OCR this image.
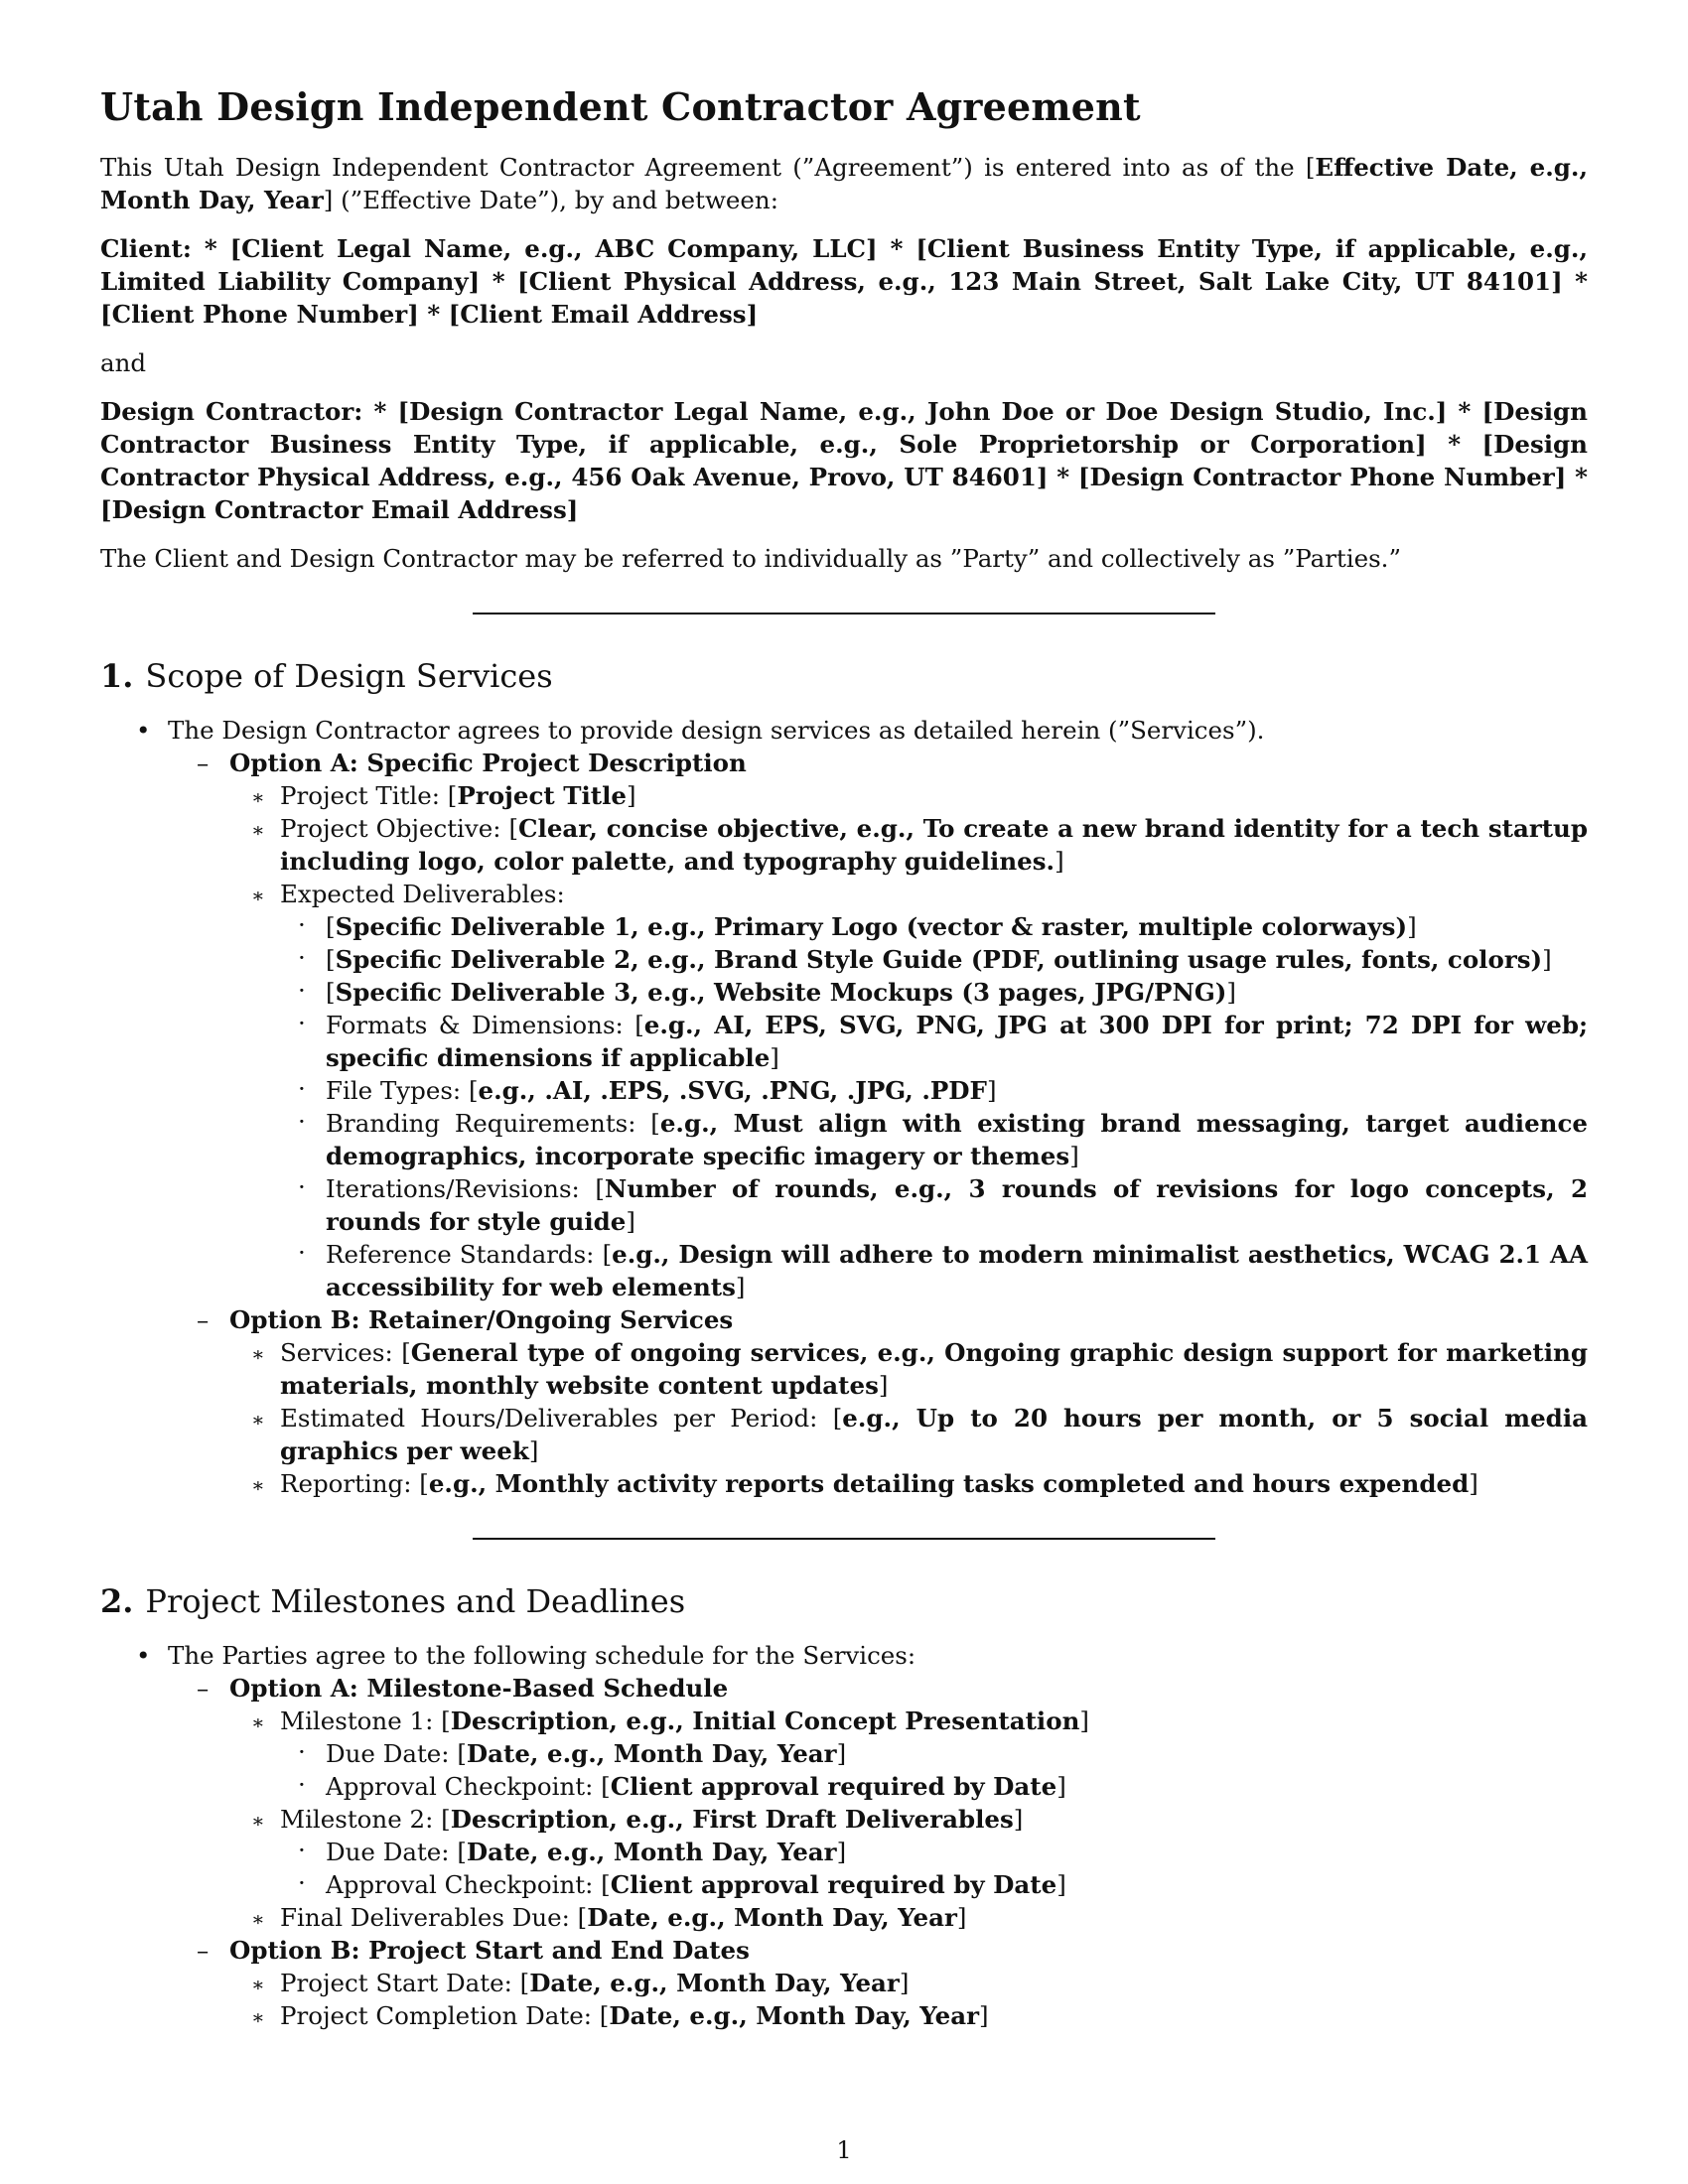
Utah Design Independent Contractor Agreement

This Utah Design Independent Contractor Agreement (”Agreement”) is entered into as of the [Effective Date, e.g., Month Day, Year] (”Effective Date”), by and between:

Client: * [Client Legal Name, e.g., ABC Company, LLC] * [Client Business Entity Type, if applicable, e.g., Limited Liability Company] * [Client Physical Address, e.g., 123 Main Street, Salt Lake City, UT 84101] * [Client Phone Number] * [Client Email Address]

and

Design Contractor: * [Design Contractor Legal Name, e.g., John Doe or Doe Design Studio, Inc.] * [Design Contractor Business Entity Type, if applicable, e.g., Sole Proprietorship or Corporation] * [Design Contractor Physical Address, e.g., 456 Oak Avenue, Provo, UT 84601] * [Design Contractor Phone Number] * [Design Contractor Email Address]

The Client and Design Contractor may be referred to individually as ”Party” and collectively as ”Parties.”

1. Scope of Design Services
• The Design Contractor agrees to provide design services as detailed herein (”Services”).
– Option A: Specific Project Description
∗ Project Title: [Project Title]
∗ Project Objective: [Clear, concise objective, e.g., To create a new brand identity for a tech startup including logo, color palette, and typography guidelines.]
∗ Expected Deliverables:
· [Specific Deliverable 1, e.g., Primary Logo (vector & raster, multiple colorways)]
· [Specific Deliverable 2, e.g., Brand Style Guide (PDF, outlining usage rules, fonts, colors)]
· [Specific Deliverable 3, e.g., Website Mockups (3 pages, JPG/PNG)]
· Formats & Dimensions: [e.g., AI, EPS, SVG, PNG, JPG at 300 DPI for print; 72 DPI for web; specific dimensions if applicable]
· File Types: [e.g., .AI, .EPS, .SVG, .PNG, .JPG, .PDF]
· Branding Requirements: [e.g., Must align with existing brand messaging, target audience demographics, incorporate specific imagery or themes]
· Iterations/Revisions: [Number of rounds, e.g., 3 rounds of revisions for logo concepts, 2 rounds for style guide]
· Reference Standards: [e.g., Design will adhere to modern minimalist aesthetics, WCAG 2.1 AA accessibility for web elements]
– Option B: Retainer/Ongoing Services
∗ Services: [General type of ongoing services, e.g., Ongoing graphic design support for marketing materials, monthly website content updates]
∗ Estimated Hours/Deliverables per Period: [e.g., Up to 20 hours per month, or 5 social media graphics per week]
∗ Reporting: [e.g., Monthly activity reports detailing tasks completed and hours expended]
2. Project Milestones and Deadlines
• The Parties agree to the following schedule for the Services:
– Option A: Milestone-Based Schedule
∗ Milestone 1: [Description, e.g., Initial Concept Presentation]
· Due Date: [Date, e.g., Month Day, Year]
· Approval Checkpoint: [Client approval required by Date]
∗ Milestone 2: [Description, e.g., First Draft Deliverables]
· Due Date: [Date, e.g., Month Day, Year]
· Approval Checkpoint: [Client approval required by Date]
∗ Final Deliverables Due: [Date, e.g., Month Day, Year]
– Option B: Project Start and End Dates
∗ Project Start Date: [Date, e.g., Month Day, Year]
∗ Project Completion Date: [Date, e.g., Month Day, Year]
1
